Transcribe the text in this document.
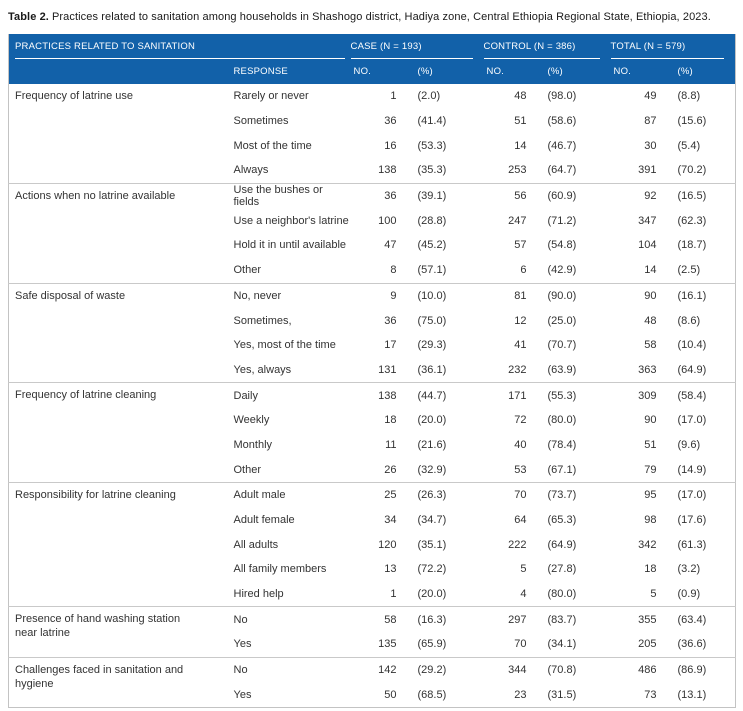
Table 2. Practices related to sanitation among households in Shashogo district, Hadiya zone, Central Ethiopia Regional State, Ethiopia, 2023.
PRACTICES RELATED TO SANITATION		CASE (N = 193)		CONTROL (N = 386)		TOTAL (N = 579)	
	RESPONSE	NO.	(%)	NO.	(%)	NO.	(%)
Frequency of latrine use	Rarely or never	1	(2.0)	48	(98.0)	49	(8.8)
	Sometimes	36	(41.4)	51	(58.6)	87	(15.6)
	Most of the time	16	(53.3)	14	(46.7)	30	(5.4)
	Always	138	(35.3)	253	(64.7)	391	(70.2)
Actions when no latrine available	Use the bushes or fields	36	(39.1)	56	(60.9)	92	(16.5)
	Use a neighbor's latrine	100	(28.8)	247	(71.2)	347	(62.3)
	Hold it in until available	47	(45.2)	57	(54.8)	104	(18.7)
	Other	8	(57.1)	6	(42.9)	14	(2.5)
Safe disposal of waste	No, never	9	(10.0)	81	(90.0)	90	(16.1)
	Sometimes,	36	(75.0)	12	(25.0)	48	(8.6)
	Yes, most of the time	17	(29.3)	41	(70.7)	58	(10.4)
	Yes, always	131	(36.1)	232	(63.9)	363	(64.9)
Frequency of latrine cleaning	Daily	138	(44.7)	171	(55.3)	309	(58.4)
	Weekly	18	(20.0)	72	(80.0)	90	(17.0)
	Monthly	11	(21.6)	40	(78.4)	51	(9.6)
	Other	26	(32.9)	53	(67.1)	79	(14.9)
Responsibility for latrine cleaning	Adult male	25	(26.3)	70	(73.7)	95	(17.0)
	Adult female	34	(34.7)	64	(65.3)	98	(17.6)
	All adults	120	(35.1)	222	(64.9)	342	(61.3)
	All family members	13	(72.2)	5	(27.8)	18	(3.2)
	Hired help	1	(20.0)	4	(80.0)	5	(0.9)
Presence of hand washing station near latrine	No	58	(16.3)	297	(83.7)	355	(63.4)
	Yes	135	(65.9)	70	(34.1)	205	(36.6)
Challenges faced in sanitation and hygiene	No	142	(29.2)	344	(70.8)	486	(86.9)
	Yes	50	(68.5)	23	(31.5)	73	(13.1)
